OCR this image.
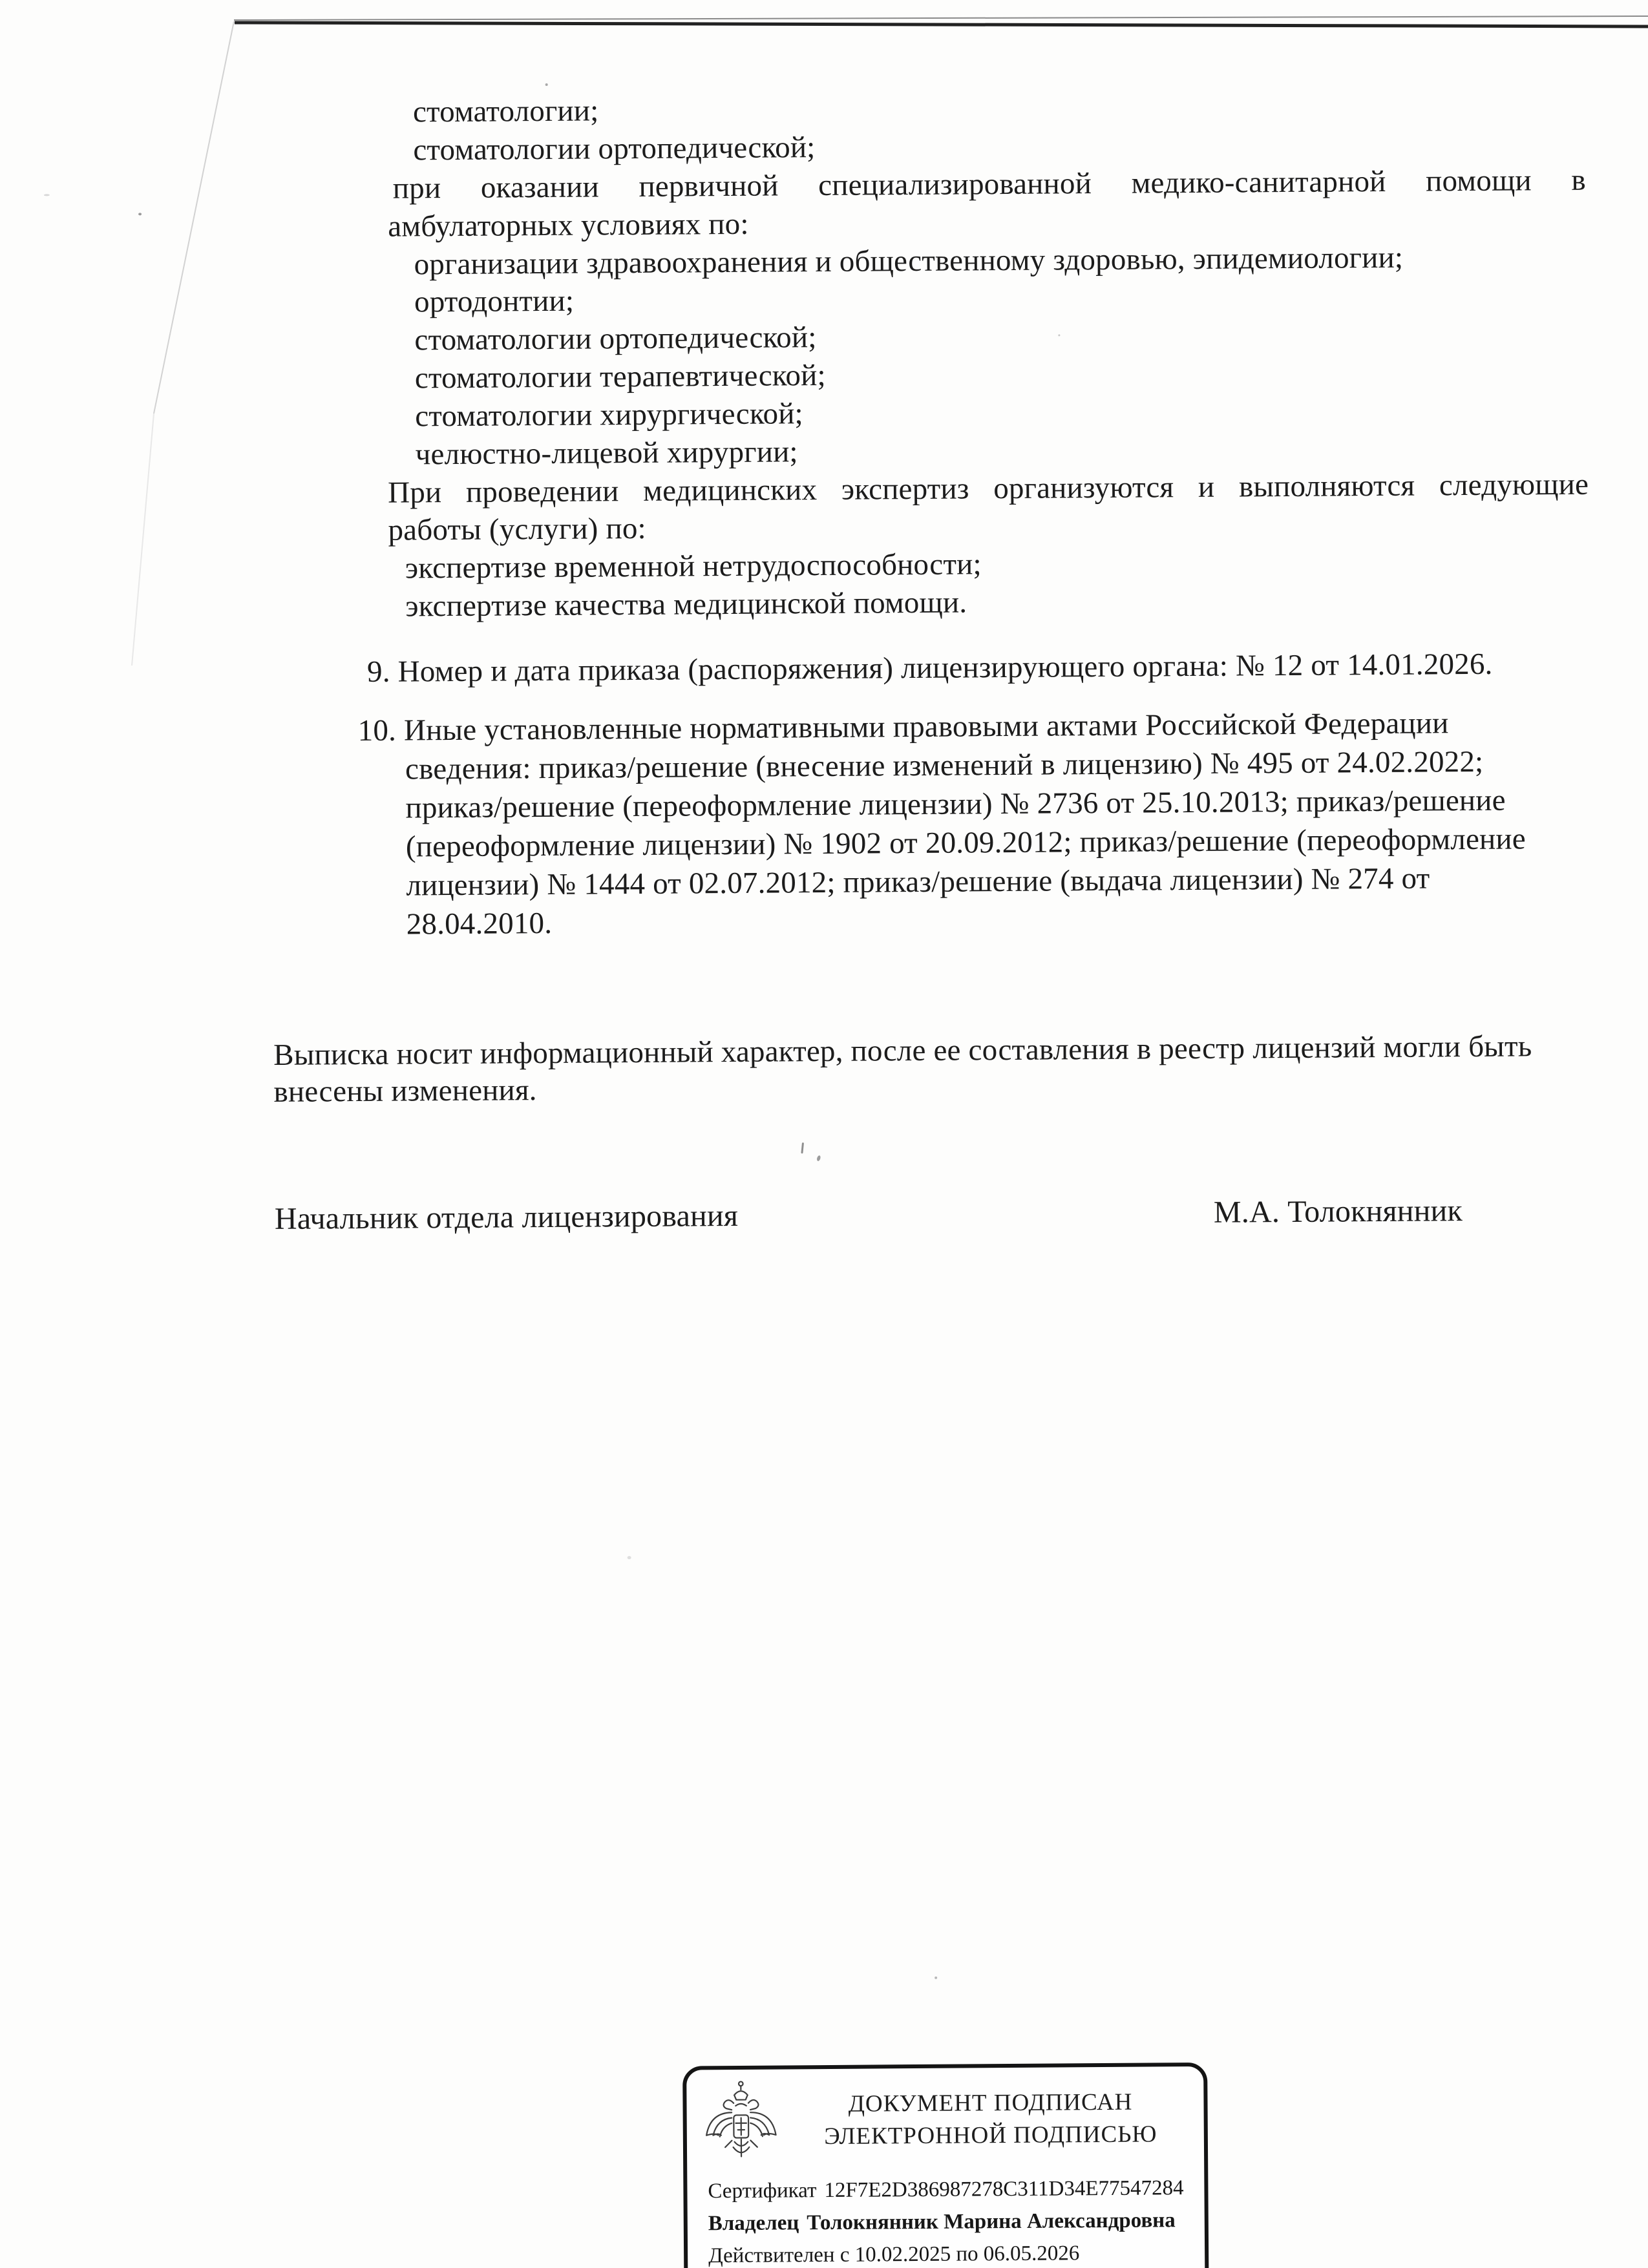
стоматологии;
стоматологии ортопедической;
при оказании первичной специализированной медико-санитарной помощи в
амбулаторных условиях по:
организации здравоохранения и общественному здоровью, эпидемиологии;
ортодонтии;
стоматологии ортопедической;
стоматологии терапевтической;
стоматологии хирургической;
челюстно-лицевой хирургии;
При проведении медицинских экспертиз организуются и выполняются следующие
работы (услуги) по:
экспертизе временной нетрудоспособности;
экспертизе качества медицинской помощи.
9. Номер и дата приказа (распоряжения) лицензирующего органа: № 12 от 14.01.2026.
10. Иные установленные нормативными правовыми актами Российской Федерации
сведения: приказ/решение (внесение изменений в лицензию) № 495 от 24.02.2022;
приказ/решение (переоформление лицензии) № 2736 от 25.10.2013; приказ/решение
(переоформление лицензии) № 1902 от 20.09.2012; приказ/решение (переоформление
лицензии) № 1444 от 02.07.2012; приказ/решение (выдача лицензии) № 274 от
28.04.2010.
Выписка носит информационный характер, после ее составления в реестр лицензий могли быть
внесены изменения.
Начальник отдела лицензирования	М.А. Толокнянник
ДОКУМЕНТ ПОДПИСАН
ЭЛЕКТРОННОЙ ПОДПИСЬЮ
Сертификат 12F7E2D386987278C311D34E77547284
Владелец Толокнянник Марина Александровна
Действителен с 10.02.2025 по 06.05.2026
